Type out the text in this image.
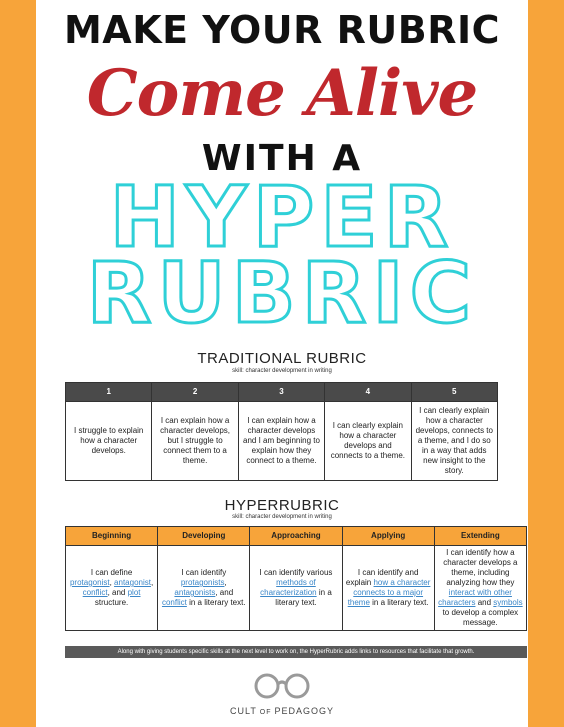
MAKE YOUR RUBRIC
Come Alive
WITH A
HYPER
RUBRIC
TRADITIONAL RUBRIC
skill: character development in writing
1	2	3	4	5
I struggle to explain how a character develops.	I can explain how a character develops, but I struggle to connect them to a theme.	I can explain how a character develops and I am beginning to explain how they connect to a theme.	I can clearly explain how a character develops and connects to a theme.	I can clearly explain how a character develops, connects to a theme, and I do so in a way that adds new insight to the story.
HYPERRUBRIC
skill: character development in writing
Beginning	Developing	Approaching	Applying	Extending
I can define protagonist, antagonist, conflict, and plot structure.	I can identify protagonists, antagonists, and conflict in a literary text.	I can identify various methods of characterization in a literary text.	I can identify and explain how a character connects to a major theme in a literary text.	I can identify how a character develops a theme, including analyzing how they interact with other characters and symbols to develop a complex message.
Along with giving students specific skills at the next level to work on, the HyperRubric adds links to resources that facilitate that growth.
CULT OF PEDAGOGY
